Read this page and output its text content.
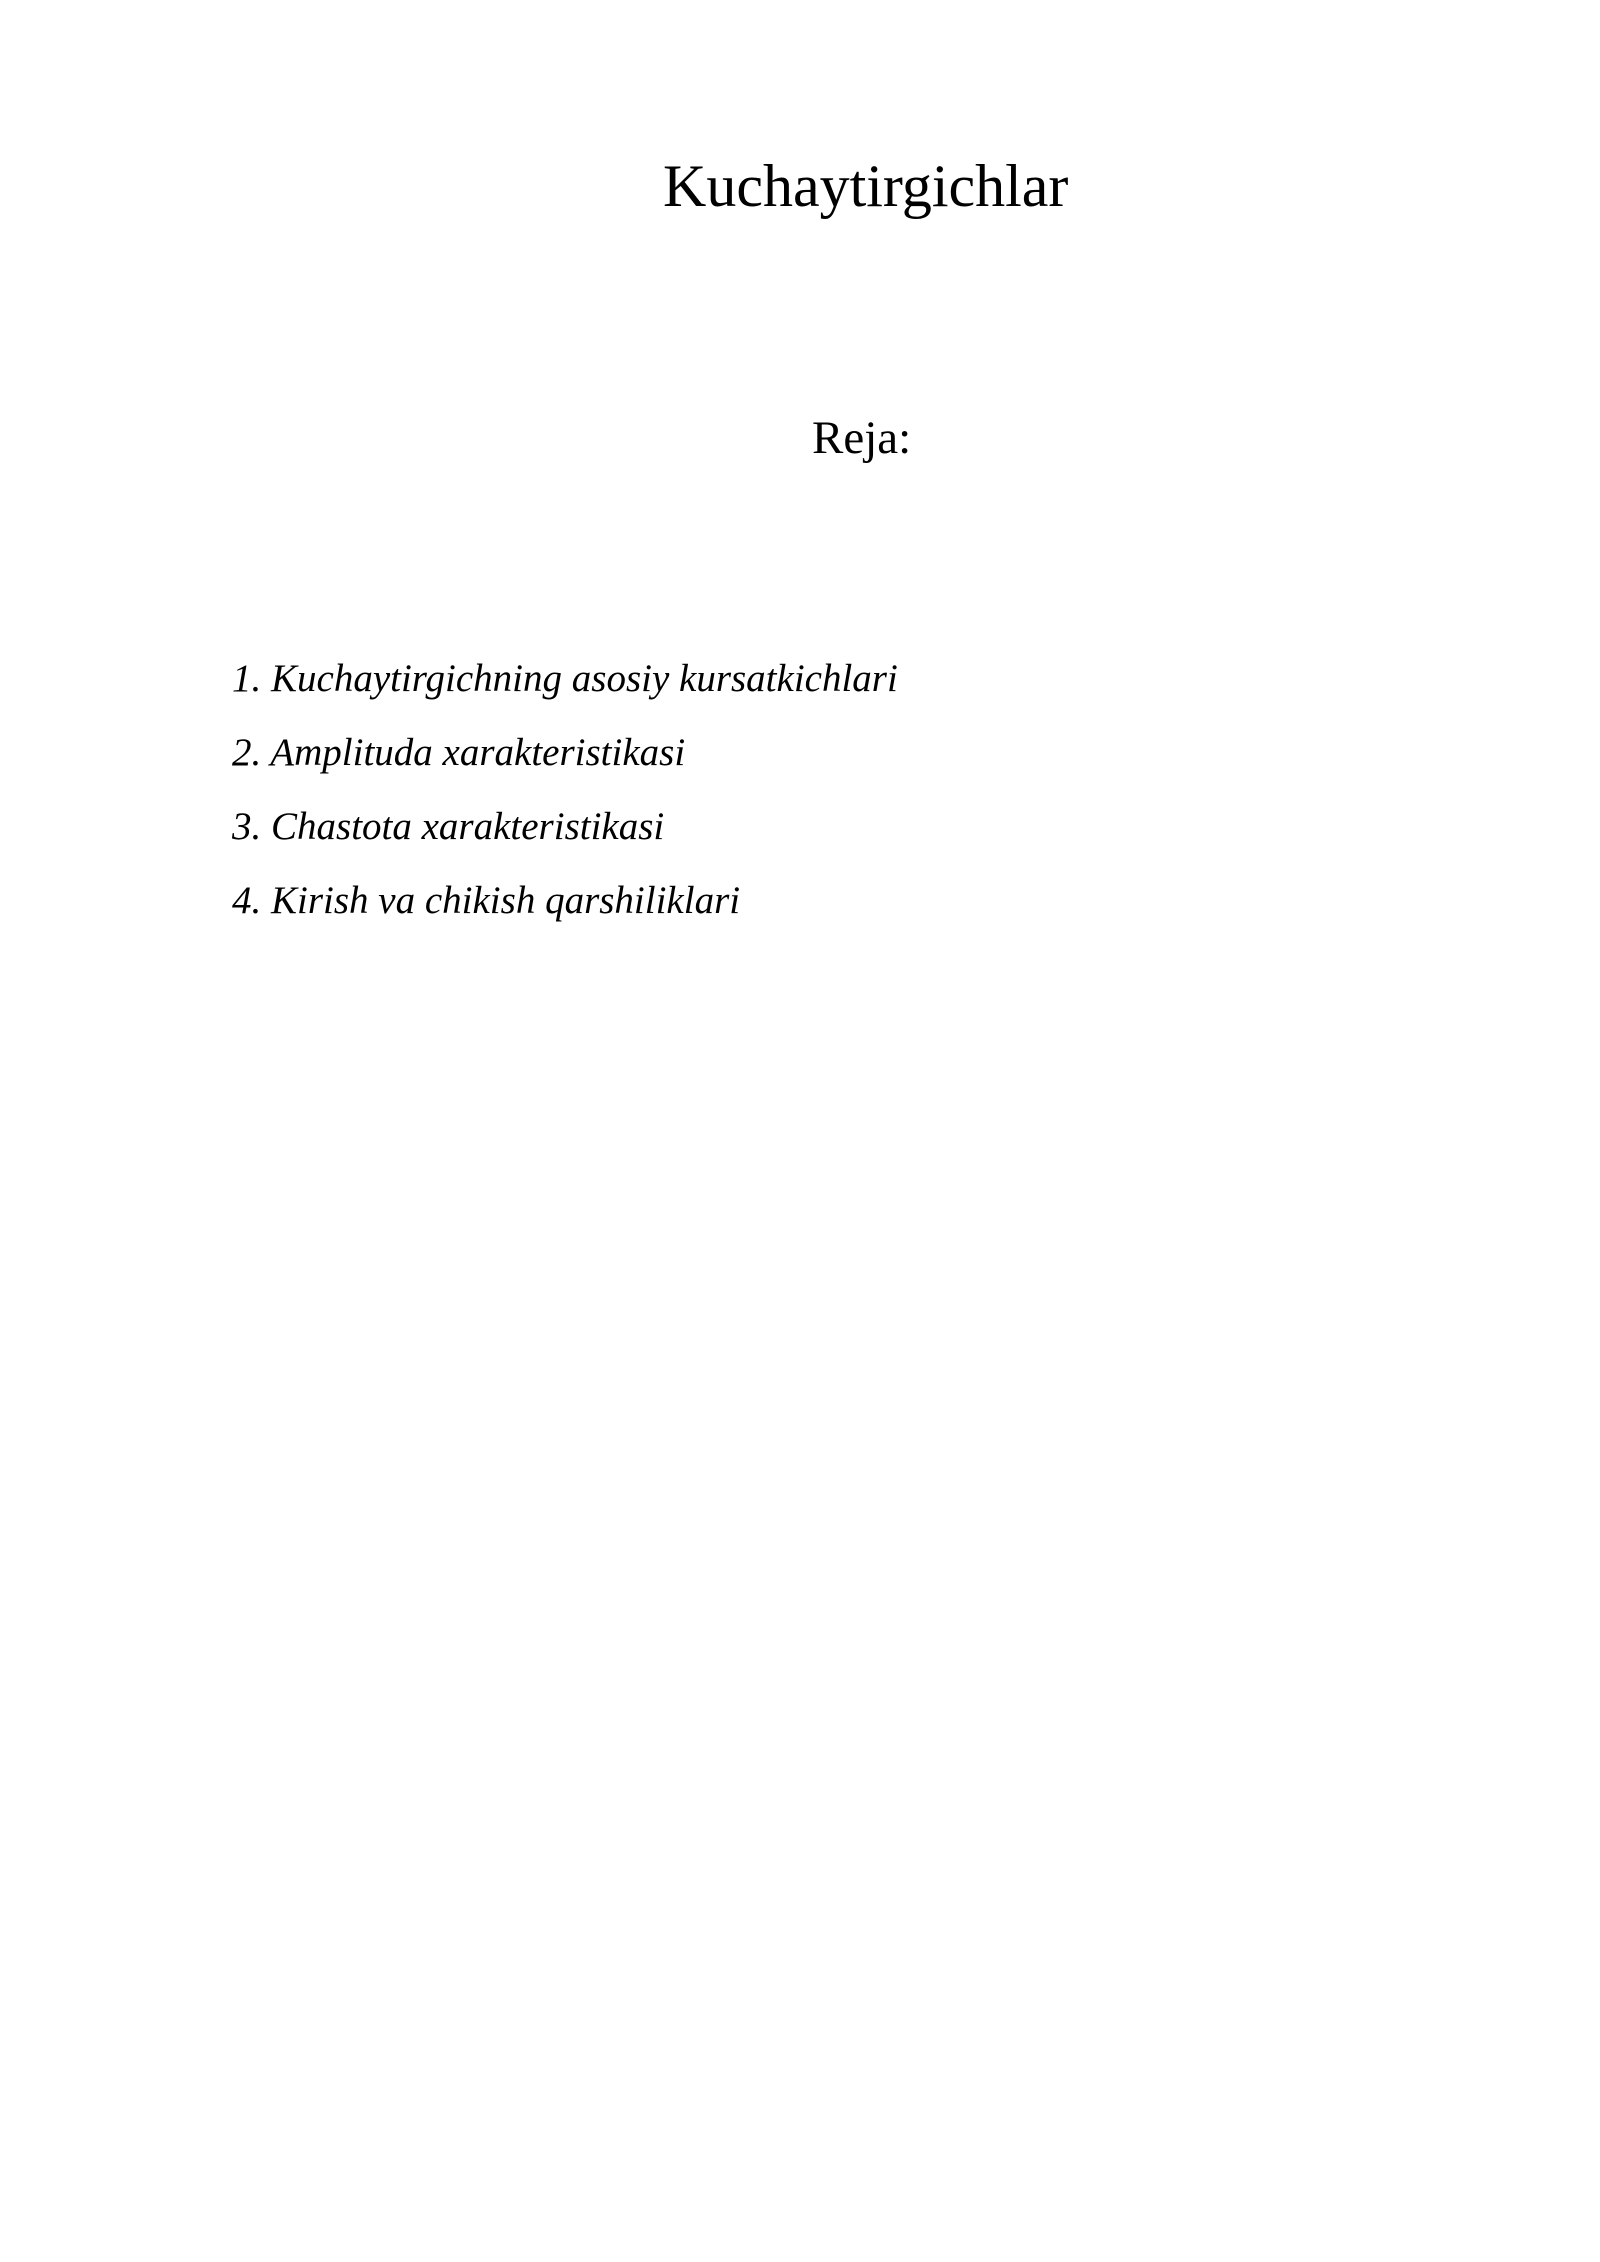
Kuchaytirgichlar
Reja:
1. Kuchaytirgichning asosiy kursatkichlari
2. Amplituda xarakteristikasi
3. Chastota xarakteristikasi
4. Kirish va chikish qarshiliklari
